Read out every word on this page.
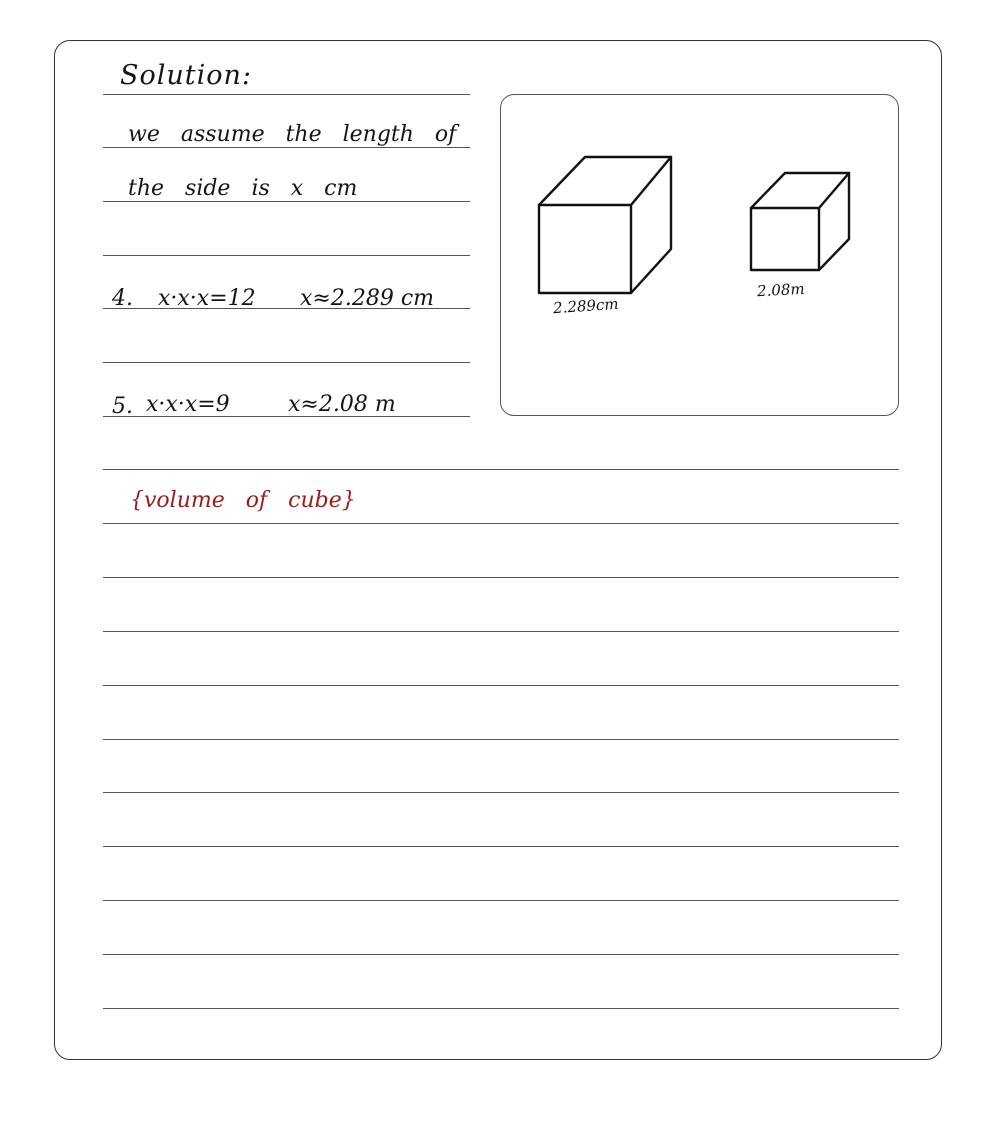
Solution:
we assume the length of
the side is x cm
4. x·x·x=12 x≈2.289 cm
5. x·x·x=9	x≈2.08 m
{volume of cube}
2.289cm
2.08m
